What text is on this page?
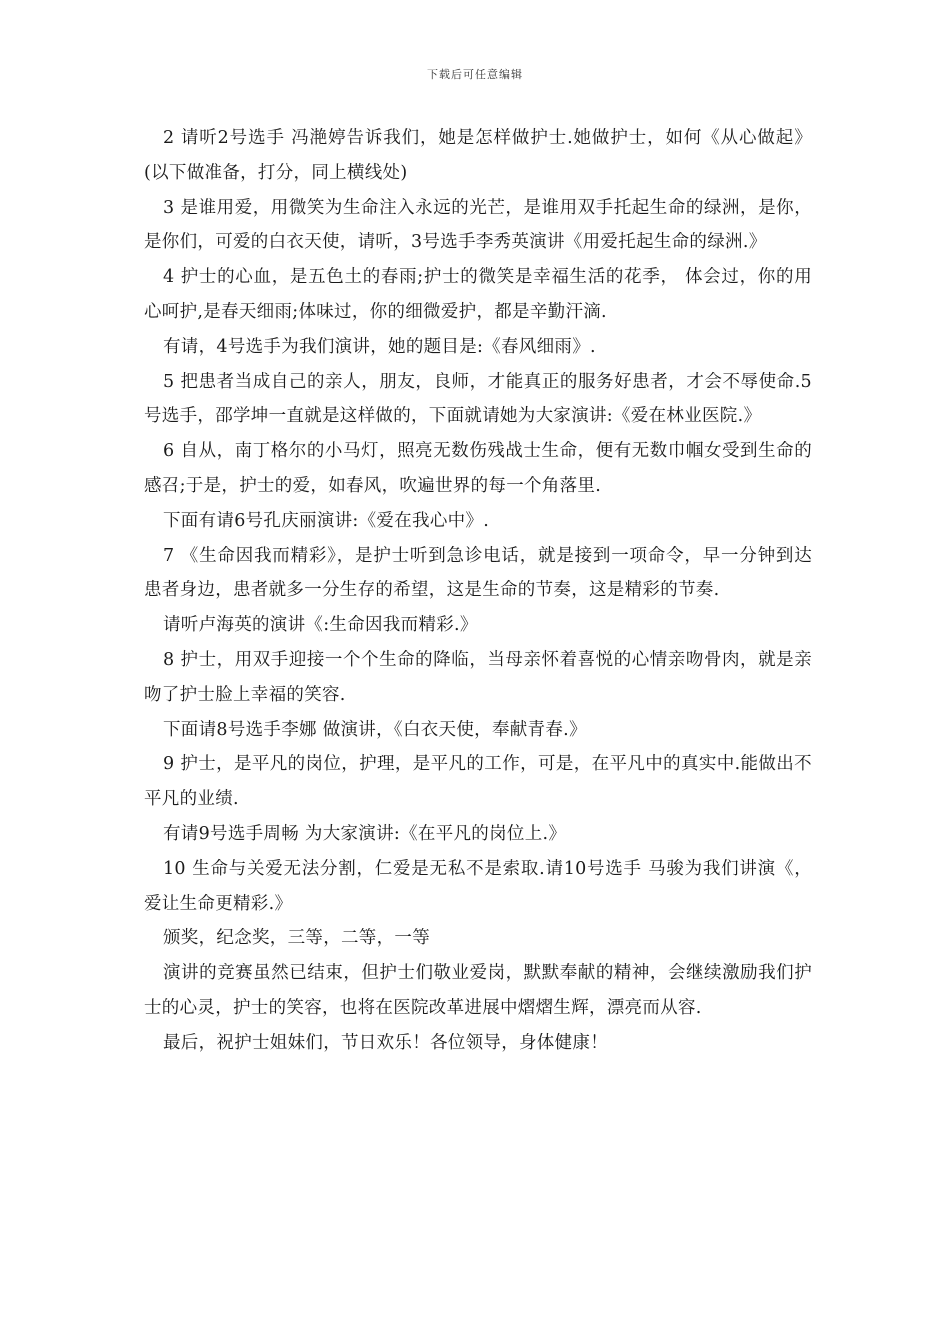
下载后可任意编辑

2 请听2号选手 冯滟婷告诉我们，她是怎样做护士.她做护士，如何《从心做起》(以下做准备，打分，同上横线处)

3 是谁用爱，用微笑为生命注入永远的光芒，是谁用双手托起生命的绿洲，是你，是你们，可爱的白衣天使，请听，3号选手李秀英演讲《用爱托起生命的绿洲.》

4 护士的心血，是五色土的春雨;护士的微笑是幸福生活的花季， 体会过，你的用心呵护,是春天细雨;体味过，你的细微爱护，都是辛勤汗滴.

有请，4号选手为我们演讲，她的题目是:《春风细雨》.

5 把患者当成自己的亲人，朋友，良师，才能真正的服务好患者，才会不辱使命.5号选手，邵学坤一直就是这样做的，下面就请她为大家演讲:《爱在林业医院.》

6 自从，南丁格尔的小马灯，照亮无数伤残战士生命，便有无数巾帼女受到生命的感召;于是，护士的爱，如春风，吹遍世界的每一个角落里.

下面有请6号孔庆丽演讲:《爱在我心中》.

7 《生命因我而精彩》，是护士听到急诊电话，就是接到一项命令，早一分钟到达患者身边，患者就多一分生存的希望，这是生命的节奏，这是精彩的节奏.

请听卢海英的演讲《:生命因我而精彩.》

8 护士，用双手迎接一个个生命的降临，当母亲怀着喜悦的心情亲吻骨肉，就是亲吻了护士脸上幸福的笑容.

下面请8号选手李娜 做演讲，《白衣天使，奉献青春.》

9 护士，是平凡的岗位，护理，是平凡的工作，可是，在平凡中的真实中.能做出不平凡的业绩.

有请9号选手周畅 为大家演讲:《在平凡的岗位上.》

10 生命与关爱无法分割，仁爱是无私不是索取.请10号选手 马骏为我们讲演《，爱让生命更精彩.》

颁奖，纪念奖，三等，二等，一等

演讲的竞赛虽然已结束，但护士们敬业爱岗，默默奉献的精神，会继续激励我们护士的心灵，护士的笑容，也将在医院改革进展中熠熠生辉，漂亮而从容.

最后，祝护士姐妹们，节日欢乐！各位领导，身体健康！
